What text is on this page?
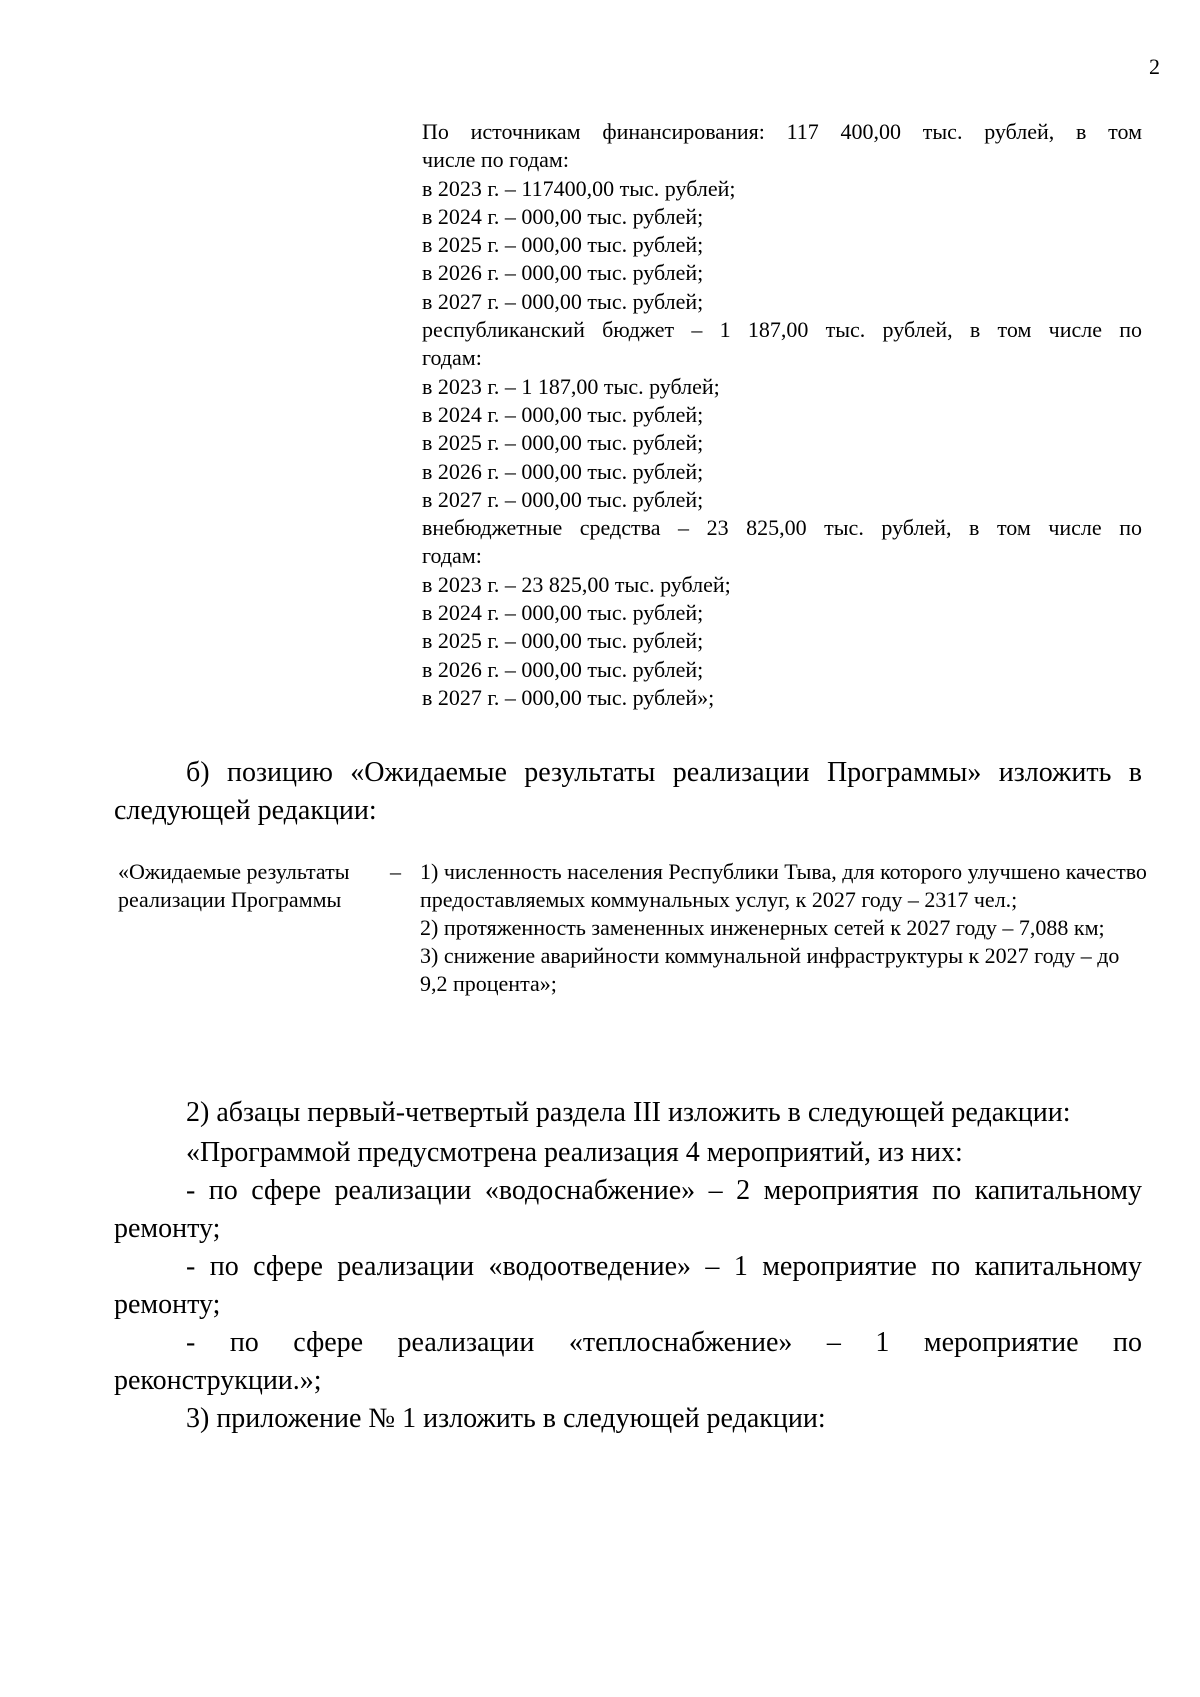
2
По источникам финансирования: 117 400,00 тыс. рублей, в том
числе по годам:
в 2023 г. – 117400,00 тыс. рублей;
в 2024 г. – 000,00 тыс. рублей;
в 2025 г. – 000,00 тыс. рублей;
в 2026 г. – 000,00 тыс. рублей;
в 2027 г. – 000,00 тыс. рублей;
республиканский бюджет – 1 187,00 тыс. рублей, в том числе по
годам:
в 2023 г. – 1 187,00 тыс. рублей;
в 2024 г. – 000,00 тыс. рублей;
в 2025 г. – 000,00 тыс. рублей;
в 2026 г. – 000,00 тыс. рублей;
в 2027 г. – 000,00 тыс. рублей;
внебюджетные средства – 23 825,00 тыс. рублей, в том числе по
годам:
в 2023 г. – 23 825,00 тыс. рублей;
в 2024 г. – 000,00 тыс. рублей;
в 2025 г. – 000,00 тыс. рублей;
в 2026 г. – 000,00 тыс. рублей;
в 2027 г. – 000,00 тыс. рублей»;
б) позицию «Ожидаемые результаты реализации Программы» изложить в следующей редакции:
«Ожидаемые результаты реализации Программы
– 1) численность населения Республики Тыва, для которого улучшено качество предоставляемых коммунальных услуг, к 2027 году – 2317 чел.;
2) протяженность замененных инженерных сетей к 2027 году – 7,088 км;
3) снижение аварийности коммунальной инфраструктуры к 2027 году – до 9,2 процента»;
2) абзацы первый-четвертый раздела III изложить в следующей редакции:
«Программой предусмотрена реализация 4 мероприятий, из них:
- по сфере реализации «водоснабжение» – 2 мероприятия по капитальному ремонту;
- по сфере реализации «водоотведение» – 1 мероприятие по капитальному ремонту;
- по сфере реализации «теплоснабжение» – 1 мероприятие по
реконструкции.»;
3) приложение № 1 изложить в следующей редакции:
